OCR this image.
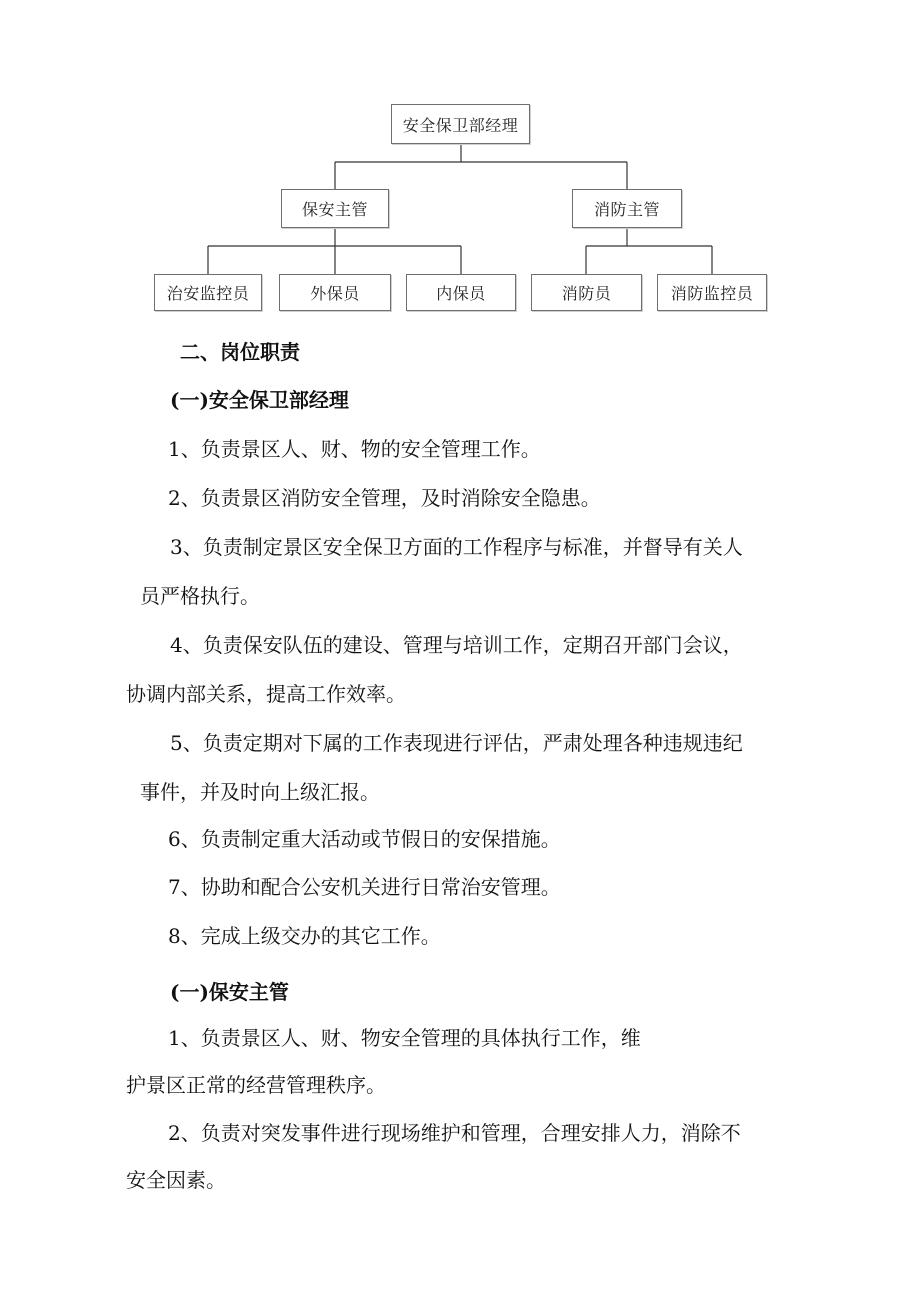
安全保卫部经理
保安主管	消防主管
治安监控员	外保员	内保员	消防员	消防监控员
二、岗位职责
(一)安全保卫部经理
1、负责景区人、财、物的安全管理工作。
2、负责景区消防安全管理，及时消除安全隐患。
3、负责制定景区安全保卫方面的工作程序与标准，并督导有关人
员严格执行。
4、负责保安队伍的建设、管理与培训工作，定期召开部门会议，
协调内部关系，提高工作效率。
5、负责定期对下属的工作表现进行评估，严肃处理各种违规违纪
事件，并及时向上级汇报。
6、负责制定重大活动或节假日的安保措施。
7、协助和配合公安机关进行日常治安管理。
8、完成上级交办的其它工作。
(一)保安主管
1、负责景区人、财、物安全管理的具体执行工作，维
护景区正常的经营管理秩序。
2、负责对突发事件进行现场维护和管理，合理安排人力，消除不
安全因素。
